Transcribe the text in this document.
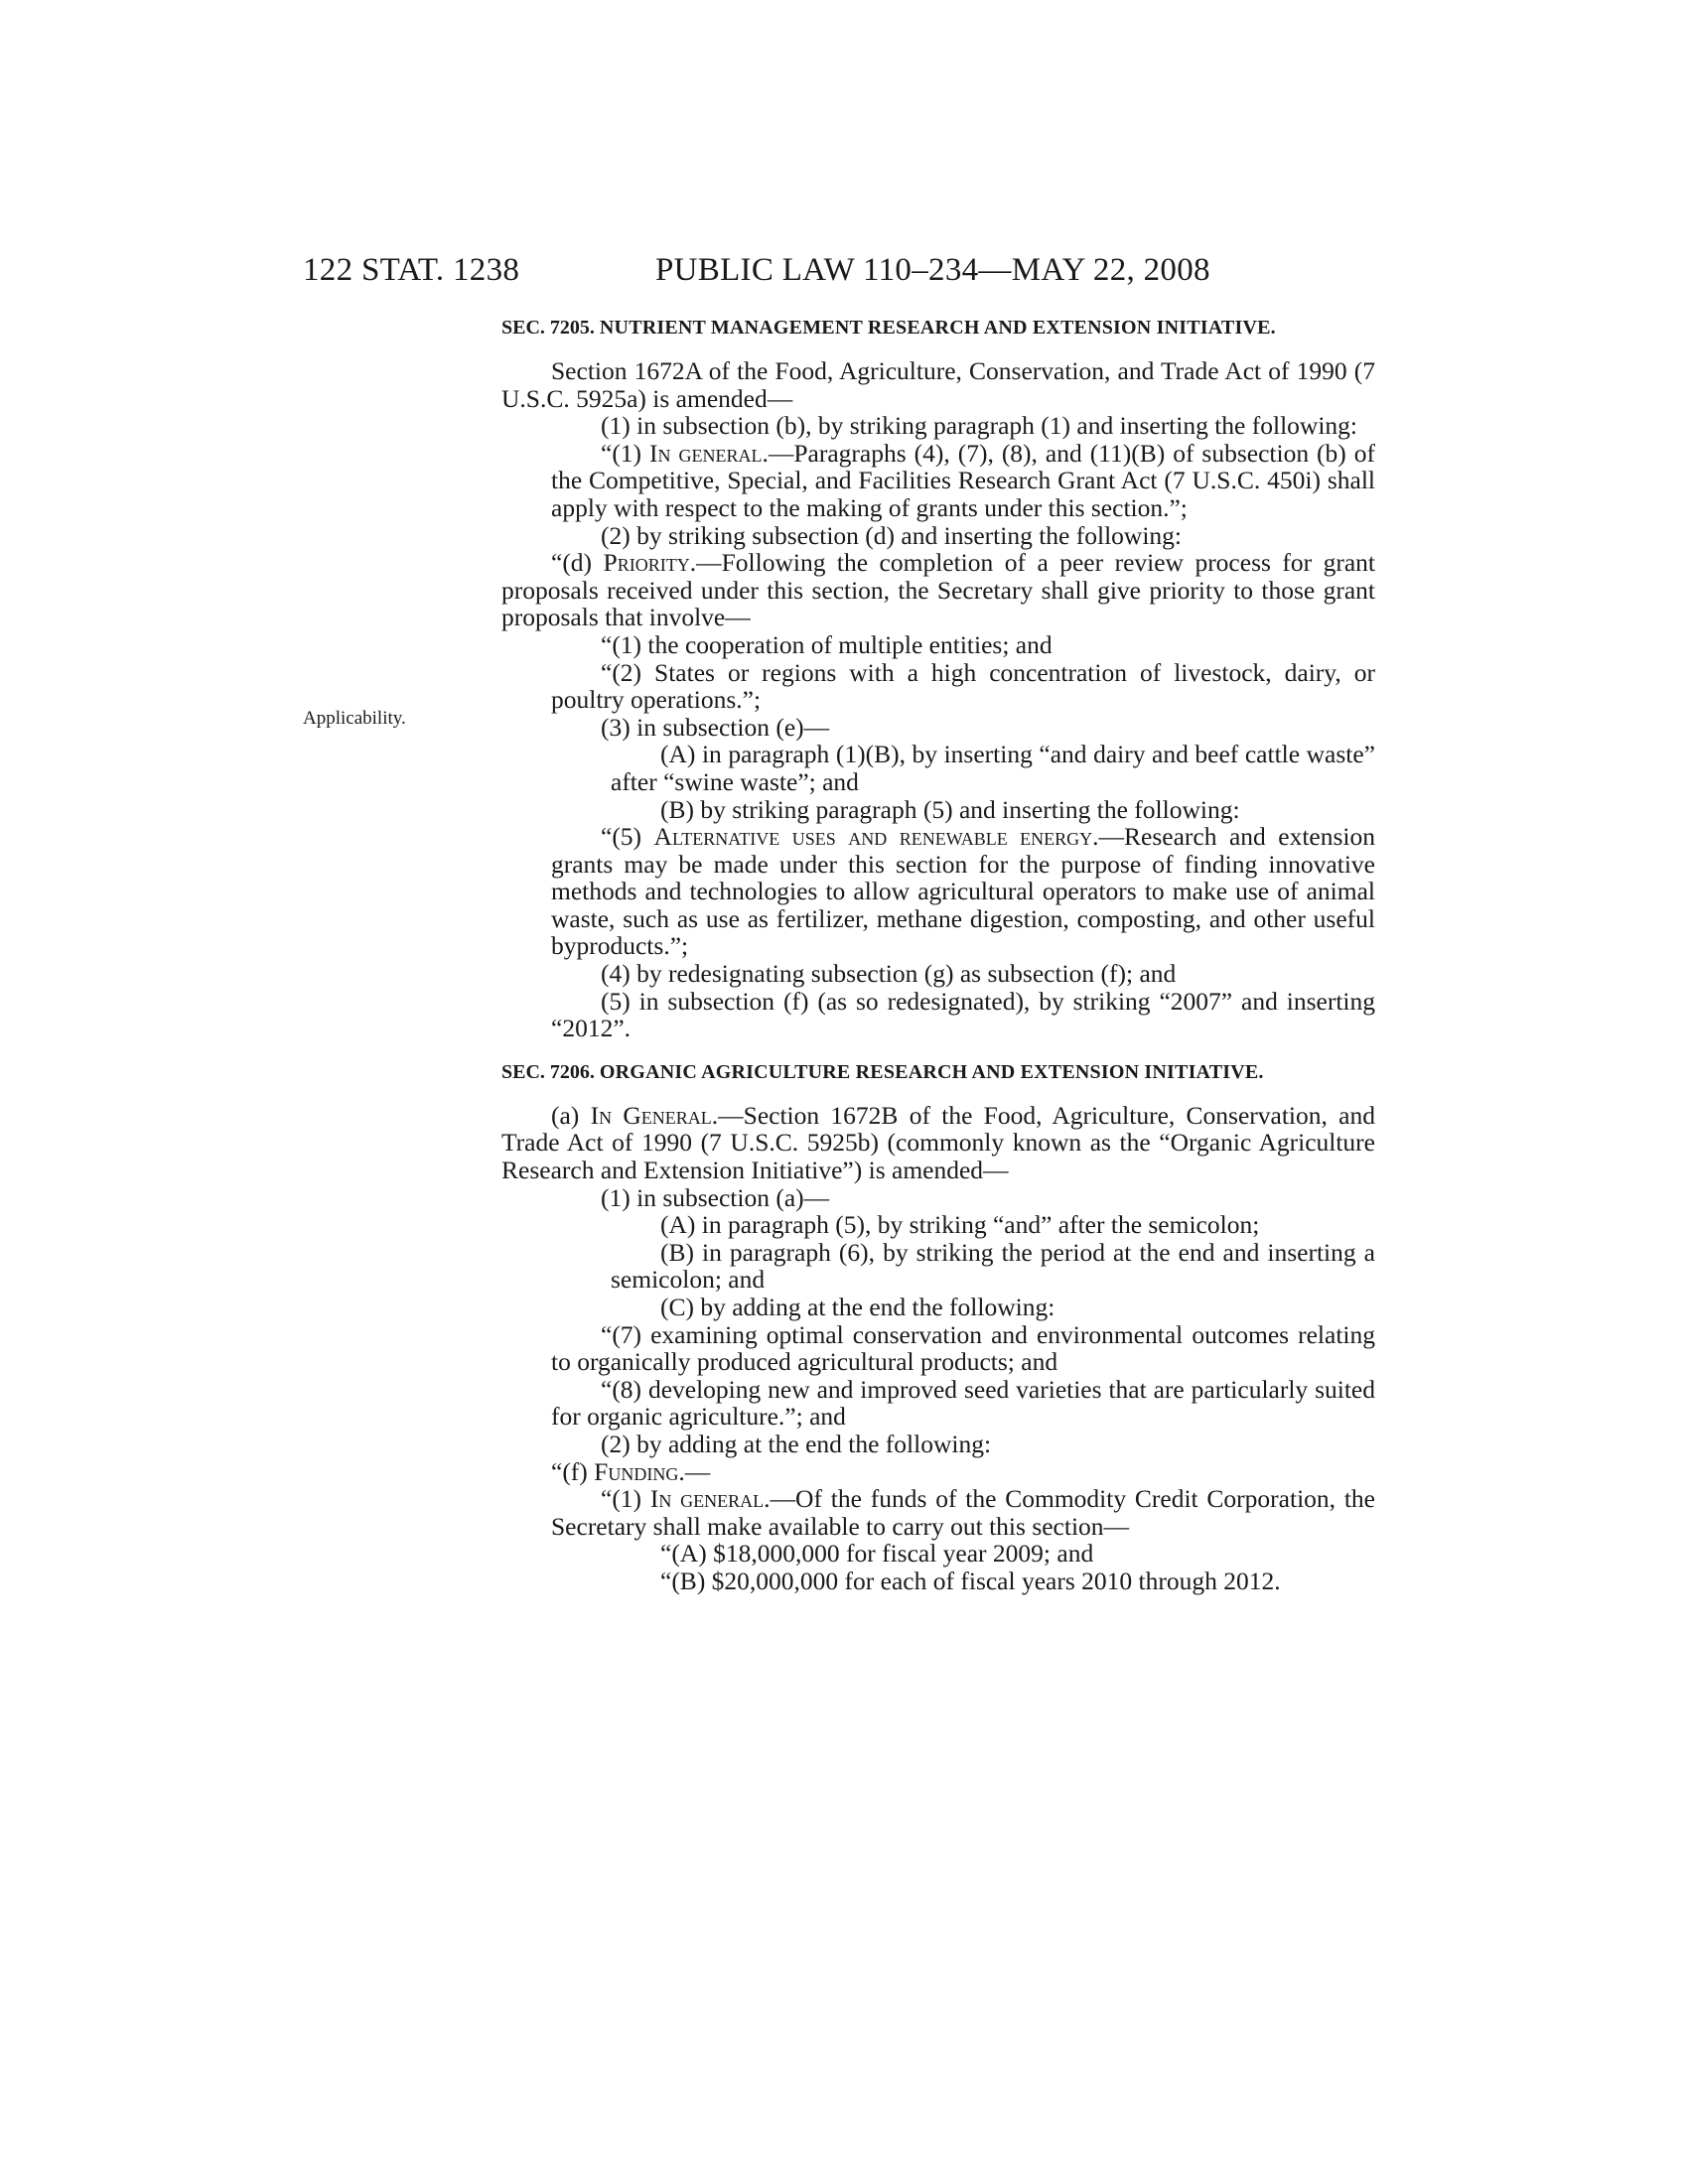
122 STAT. 1238	PUBLIC LAW 110–234—MAY 22, 2008
Applicability.

SEC. 7205. NUTRIENT MANAGEMENT RESEARCH AND EXTENSION INITIATIVE.

Section 1672A of the Food, Agriculture, Conservation, and Trade Act of 1990 (7 U.S.C. 5925a) is amended—

(1) in subsection (b), by striking paragraph (1) and inserting the following:

“(1) In general.—Paragraphs (4), (7), (8), and (11)(B) of subsection (b) of the Competitive, Special, and Facilities Research Grant Act (7 U.S.C. 450i) shall apply with respect to the making of grants under this section.”;

(2) by striking subsection (d) and inserting the following:

“(d) Priority.—Following the completion of a peer review process for grant proposals received under this section, the Secretary shall give priority to those grant proposals that involve—

“(1) the cooperation of multiple entities; and

“(2) States or regions with a high concentration of livestock, dairy, or poultry operations.”;

(3) in subsection (e)—

(A) in paragraph (1)(B), by inserting “and dairy and beef cattle waste” after “swine waste”; and

(B) by striking paragraph (5) and inserting the following:

“(5) Alternative uses and renewable energy.—Research and extension grants may be made under this section for the purpose of finding innovative methods and technologies to allow agricultural operators to make use of animal waste, such as use as fertilizer, methane digestion, composting, and other useful byproducts.”;

(4) by redesignating subsection (g) as subsection (f); and

(5) in subsection (f) (as so redesignated), by striking “2007” and inserting “2012”.

SEC. 7206. ORGANIC AGRICULTURE RESEARCH AND EXTENSION INITIATIVE.

(a) In General.—Section 1672B of the Food, Agriculture, Conservation, and Trade Act of 1990 (7 U.S.C. 5925b) (commonly known as the “Organic Agriculture Research and Extension Initiative”) is amended—

(1) in subsection (a)—

(A) in paragraph (5), by striking “and” after the semicolon;

(B) in paragraph (6), by striking the period at the end and inserting a semicolon; and

(C) by adding at the end the following:

“(7) examining optimal conservation and environmental outcomes relating to organically produced agricultural products; and

“(8) developing new and improved seed varieties that are particularly suited for organic agriculture.”; and

(2) by adding at the end the following:

“(f) Funding.—

“(1) In general.—Of the funds of the Commodity Credit Corporation, the Secretary shall make available to carry out this section—

“(A) $18,000,000 for fiscal year 2009; and

“(B) $20,000,000 for each of fiscal years 2010 through 2012.
